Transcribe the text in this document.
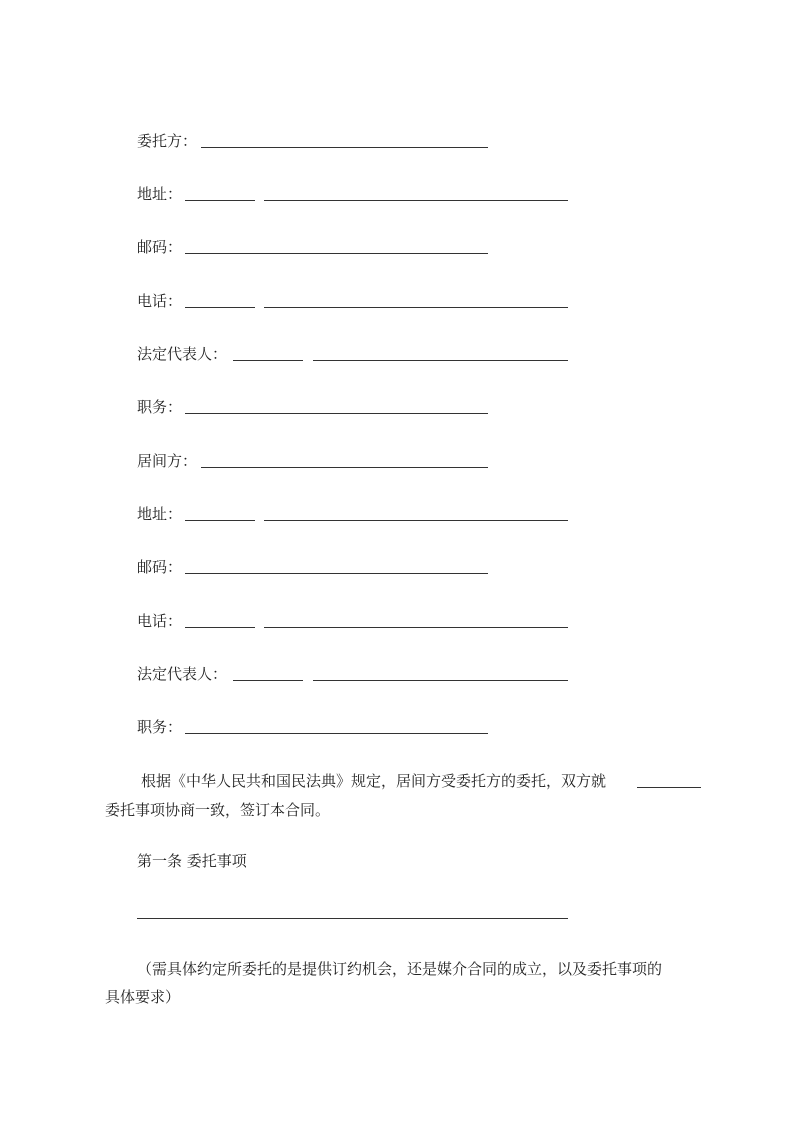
委托方：
地址：
邮码：
电话：
法定代表人：
职务：
居间方：
地址：
邮码：
电话：
法定代表人：
职务：
根据《中华人民共和国民法典》规定，居间方受委托方的委托，双方就
委托事项协商一致，签订本合同。
第一条 委托事项
（需具体约定所委托的是提供订约机会，还是媒介合同的成立，以及委托事项的
具体要求）
